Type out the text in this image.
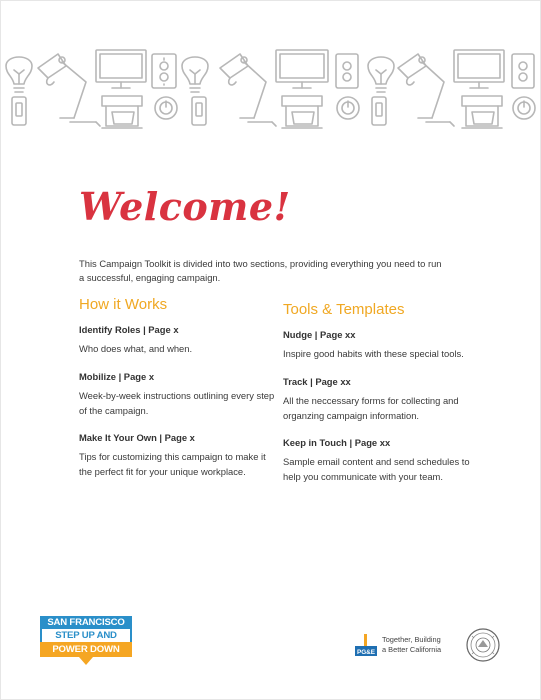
Welcome!

This Campaign Toolkit is divided into two sections, providing everything you need to run a successful, engaging campaign.

How it Works

Identify Roles | Page x

Who does what, and when.

Mobilize | Page x

Week-by-week instructions outlining every step of the campaign.

Make It Your Own | Page x

Tips for customizing this campaign to make it the perfect fit for your unique workplace.

Tools & Templates

Nudge | Page xx

Inspire good habits with these special tools.

Track | Page xx

All the neccessary forms for collecting and organzing campaign information.

Keep in Touch | Page xx

Sample email content and send schedules to help you communicate with your team.

SAN FRANCISCO
STEP UP AND
POWER DOWN	PG&E

Together, Building
a Better California
